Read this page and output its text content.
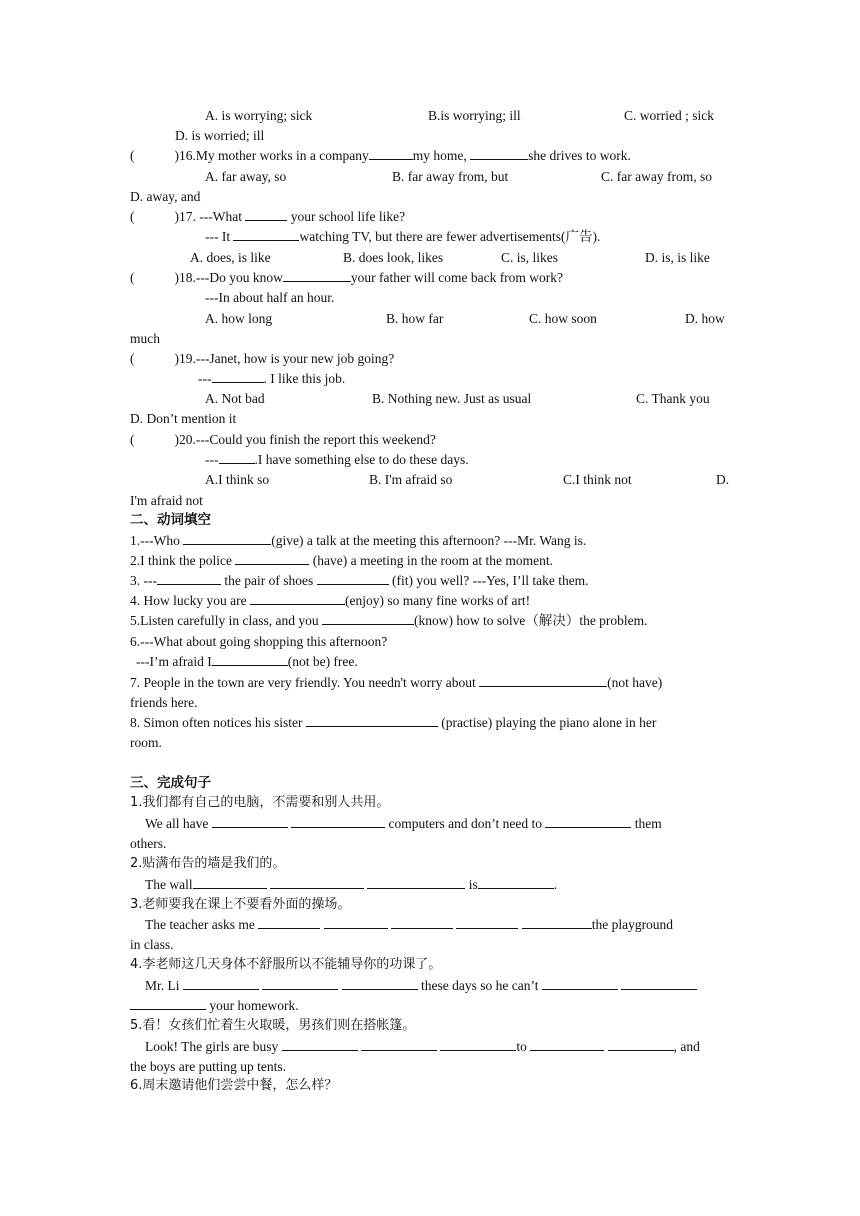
A. is worrying; sick	B.is worrying; ill	C. worried ; sick
D. is worried; ill
(	)16.My mother works in a company	my home,	she drives to work.
A. far away, so	B. far away from, but	C. far away from, so
D. away, and
(	)17. ---What	your school life like?
--- It	watching TV, but there are fewer advertisements(广告).
A. does, is like	B. does look, likes	C. is, likes	D. is, is like
(	)18.---Do you know	your father will come back from work?
---In about half an hour.
A. how long	B. how far	C. how soon	D. how
much
(	)19.---Janet, how is your new job going?
---	. I like this job.
A. Not bad	B. Nothing new. Just as usual	C. Thank you
D. Don’t mention it
(	)20.---Could you finish the report this weekend?
---	.I have something else to do these days.
A.I think so	B. I'm afraid so	C.I think not	D.
I'm afraid not
二、动词填空
1.---Who	(give) a talk at the meeting this afternoon? ---Mr. Wang is.
2.I think the police	(have) a meeting in the room at the moment.
3. ---	the pair of shoes	(fit) you well? ---Yes, I’ll take them.
4. How lucky you are	(enjoy) so many fine works of art!
5.Listen carefully in class, and you	(know) how to solve（解决）the problem.
6.---What about going shopping this afternoon?
---I’m afraid I	(not be) free.
7. People in the town are very friendly. You needn't worry about	(not have)
friends here.
8. Simon often notices his sister	(practise) playing the piano alone in her
room.
三、完成句子
1.我们都有自己的电脑，不需要和别人共用。
We all have	computers and don’t need to	them
others.
2.贴满布告的墙是我们的。
The wall	is	.
3.老师要我在课上不要看外面的操场。
The teacher asks me	the playground
in class.
4.李老师这几天身体不舒服所以不能辅导你的功课了。
Mr. Li	these days so he can’t
your homework.
5.看！女孩们忙着生火取暖，男孩们则在搭帐篷。
Look! The girls are busy	to	, and
the boys are putting up tents.
6.周末邀请他们尝尝中餐，怎么样？
